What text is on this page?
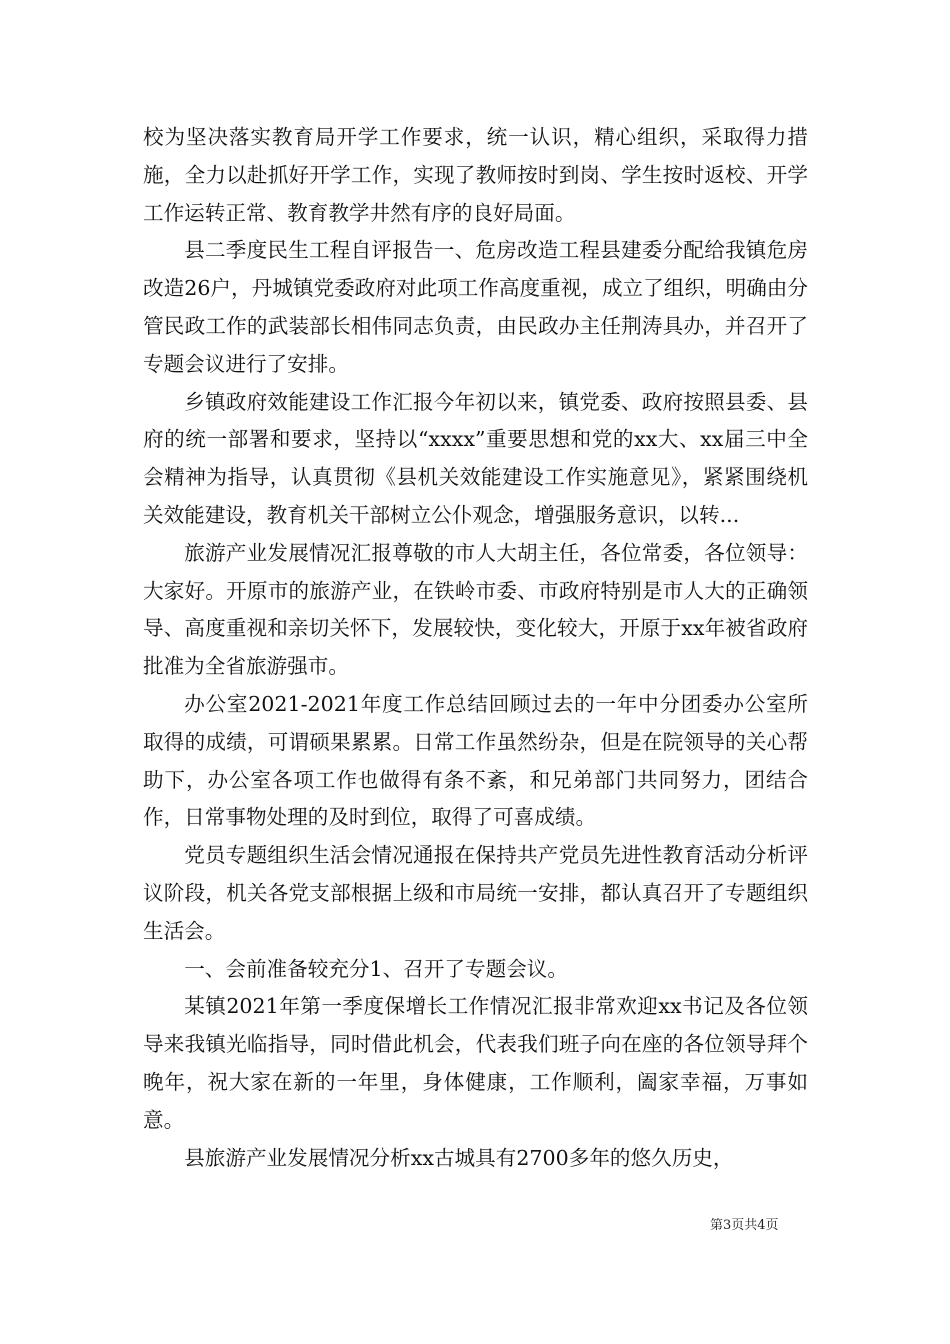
校为坚决落实教育局开学工作要求，统一认识，精心组织，采取得力措施，全力以赴抓好开学工作，实现了教师按时到岗、学生按时返校、开学工作运转正常、教育教学井然有序的良好局面。

县二季度民生工程自评报告一、危房改造工程县建委分配给我镇危房改造26户，丹城镇党委政府对此项工作高度重视，成立了组织，明确由分管民政工作的武装部长相伟同志负责，由民政办主任荆涛具办，并召开了专题会议进行了安排。

乡镇政府效能建设工作汇报今年初以来，镇党委、政府按照县委、县府的统一部署和要求，坚持以“xxxx”重要思想和党的xx大、xx届三中全会精神为指导，认真贯彻《县机关效能建设工作实施意见》，紧紧围绕机关效能建设，教育机关干部树立公仆观念，增强服务意识，以转...

旅游产业发展情况汇报尊敬的市人大胡主任，各位常委，各位领导：大家好。开原市的旅游产业，在铁岭市委、市政府特别是市人大的正确领导、高度重视和亲切关怀下，发展较快，变化较大，开原于xx年被省政府批准为全省旅游强市。

办公室2021-2021年度工作总结回顾过去的一年中分团委办公室所取得的成绩，可谓硕果累累。日常工作虽然纷杂，但是在院领导的关心帮助下，办公室各项工作也做得有条不紊，和兄弟部门共同努力，团结合作，日常事物处理的及时到位，取得了可喜成绩。

党员专题组织生活会情况通报在保持共产党员先进性教育活动分析评议阶段，机关各党支部根据上级和市局统一安排，都认真召开了专题组织生活会。

一、会前准备较充分1、召开了专题会议。

某镇2021年第一季度保增长工作情况汇报非常欢迎xx书记及各位领导来我镇光临指导，同时借此机会，代表我们班子向在座的各位领导拜个晚年，祝大家在新的一年里，身体健康，工作顺利，阖家幸福，万事如意。

县旅游产业发展情况分析xx古城具有2700多年的悠久历史，

第3页共4页
